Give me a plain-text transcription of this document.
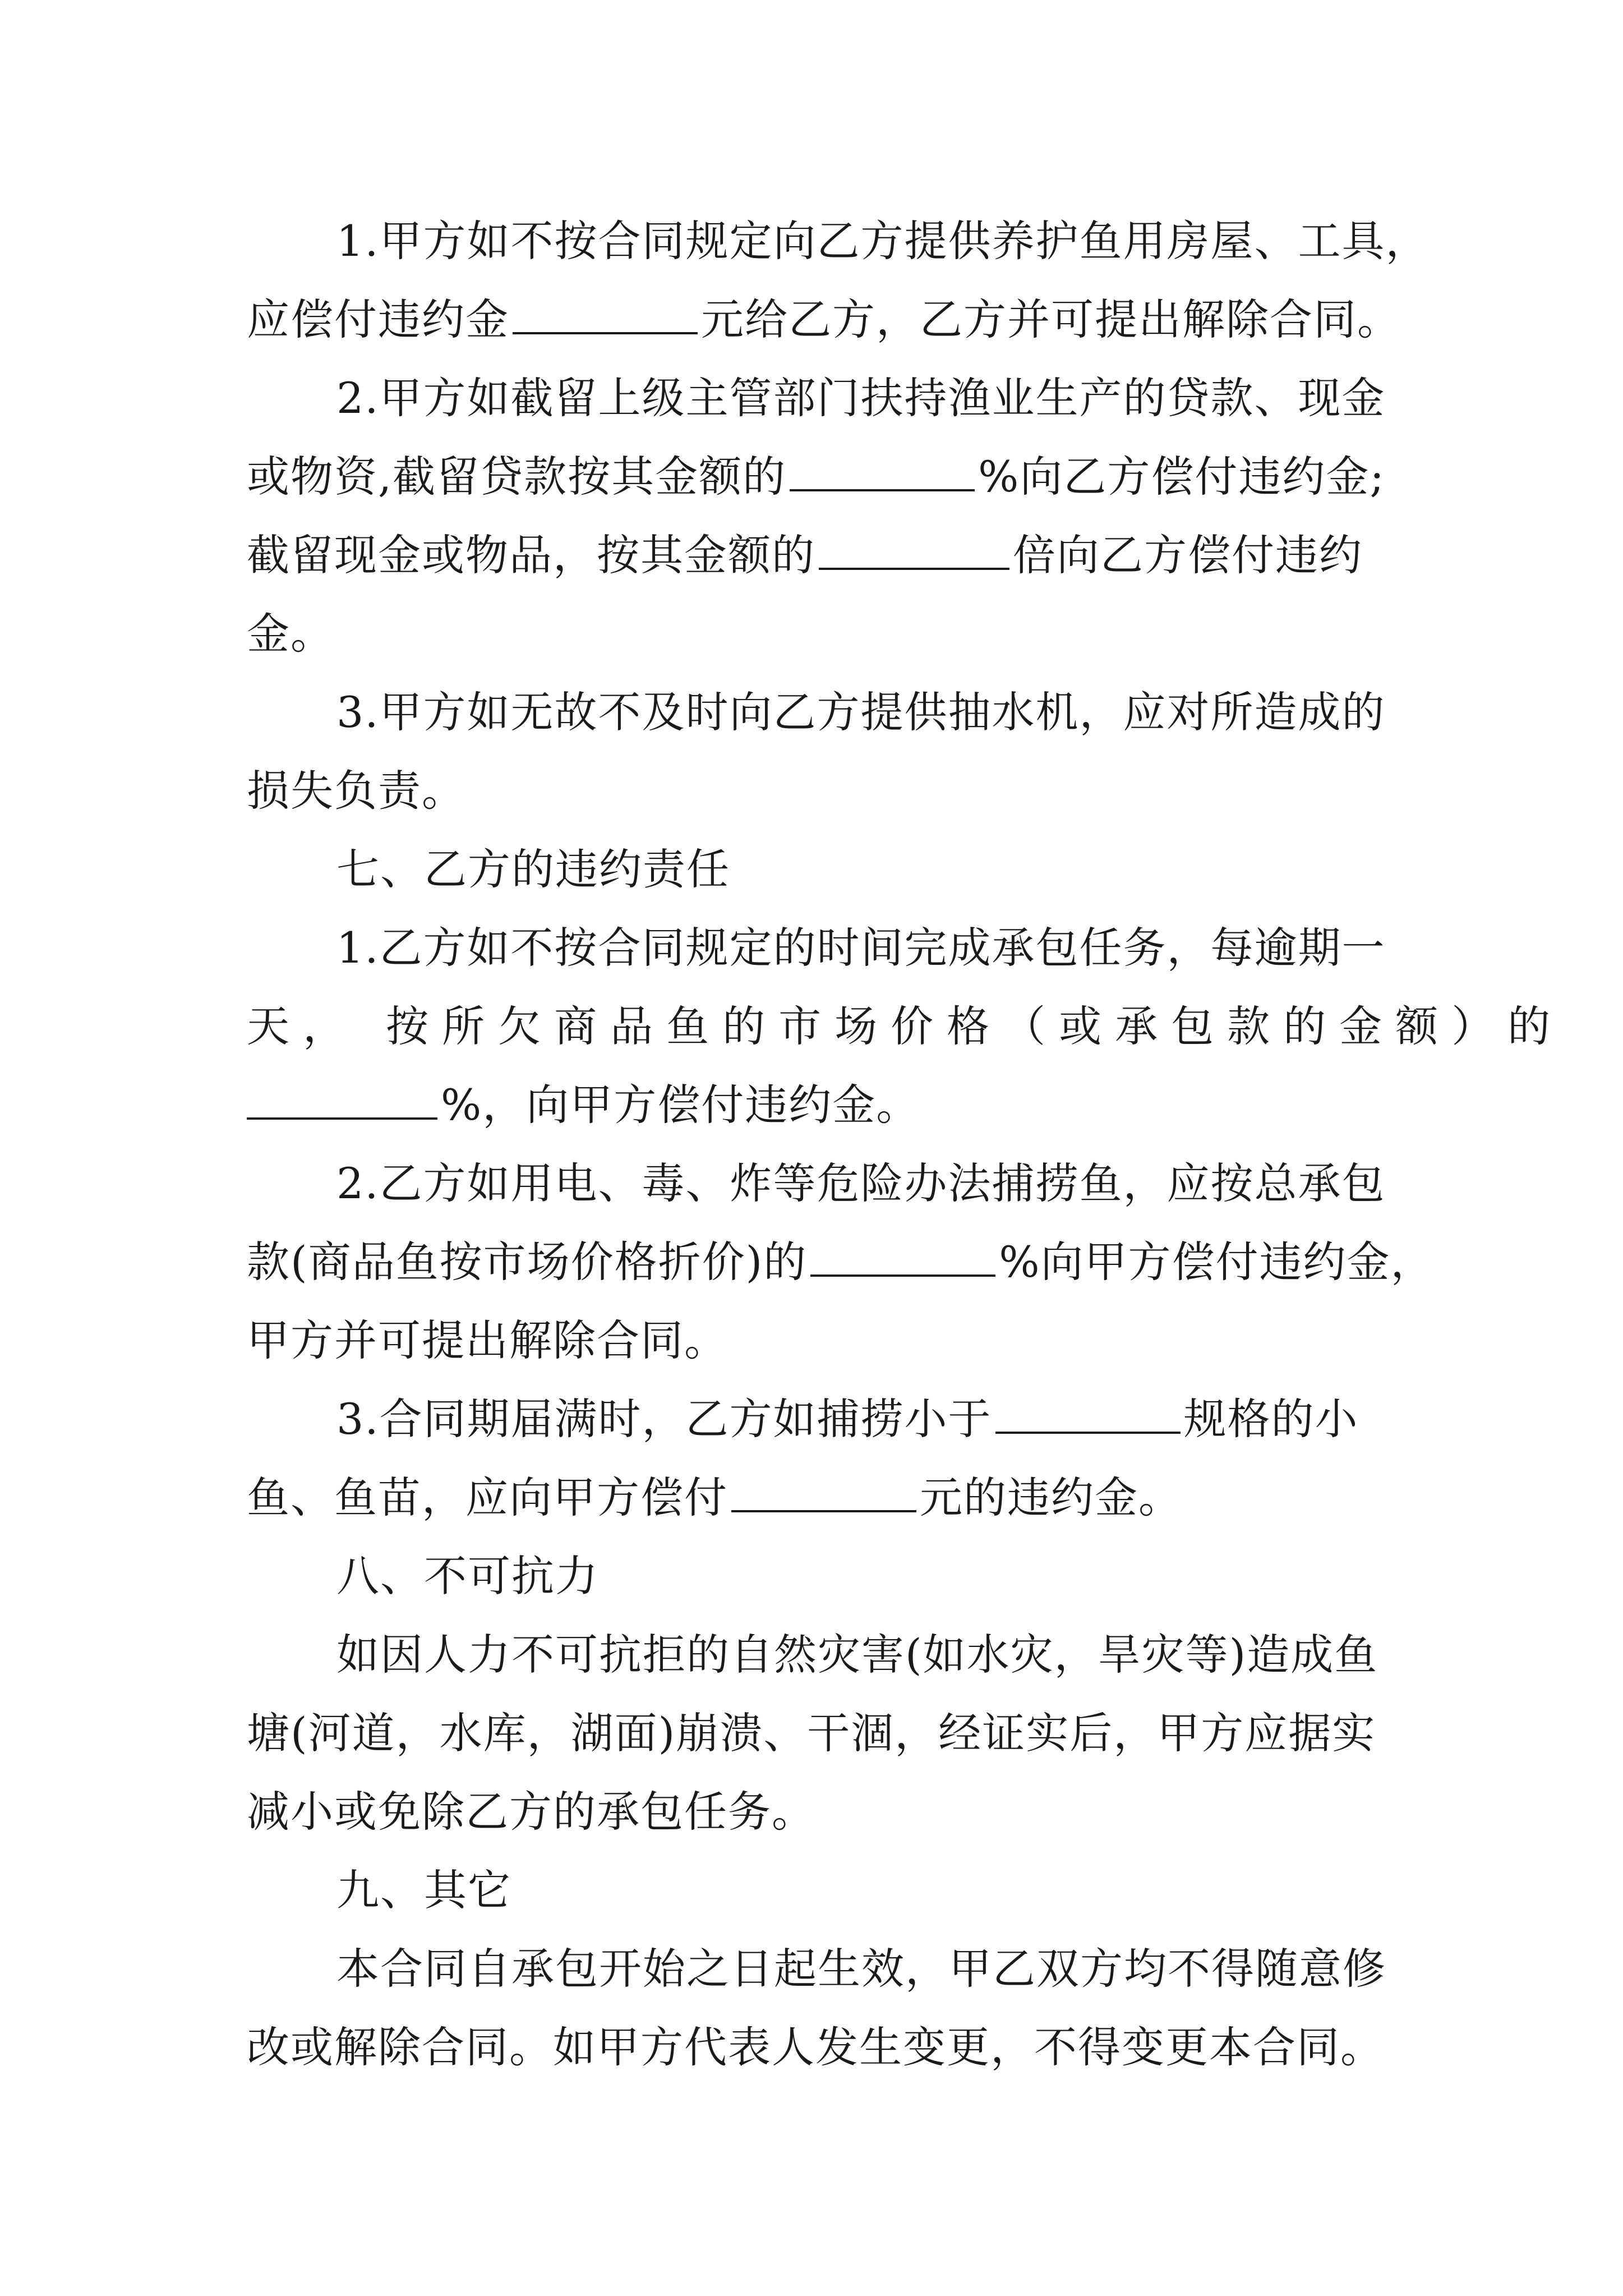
1.甲方如不按合同规定向乙方提供养护鱼用房屋、工具，
应偿付违约金	元给乙方，乙方并可提出解除合同。
2.甲方如截留上级主管部门扶持渔业生产的贷款、现金
或物资,截留贷款按其金额的	%向乙方偿付违约金;
截留现金或物品，按其金额的	倍向乙方偿付违约
金。
3.甲方如无故不及时向乙方提供抽水机，应对所造成的
损失负责。
七、乙方的违约责任
1.乙方如不按合同规定的时间完成承包任务，每逾期一
天， 按所欠商品鱼的市场价格（或承包款的金额）的
%，向甲方偿付违约金。
2.乙方如用电、毒、炸等危险办法捕捞鱼，应按总承包
款(商品鱼按市场价格折价)的	%向甲方偿付违约金，
甲方并可提出解除合同。
3.合同期届满时，乙方如捕捞小于	规格的小
鱼、鱼苗，应向甲方偿付	元的违约金。
八、不可抗力
如因人力不可抗拒的自然灾害(如水灾，旱灾等)造成鱼
塘(河道，水库，湖面)崩溃、干涸，经证实后，甲方应据实
减小或免除乙方的承包任务。
九、其它
本合同自承包开始之日起生效，甲乙双方均不得随意修
改或解除合同。如甲方代表人发生变更，不得变更本合同。
